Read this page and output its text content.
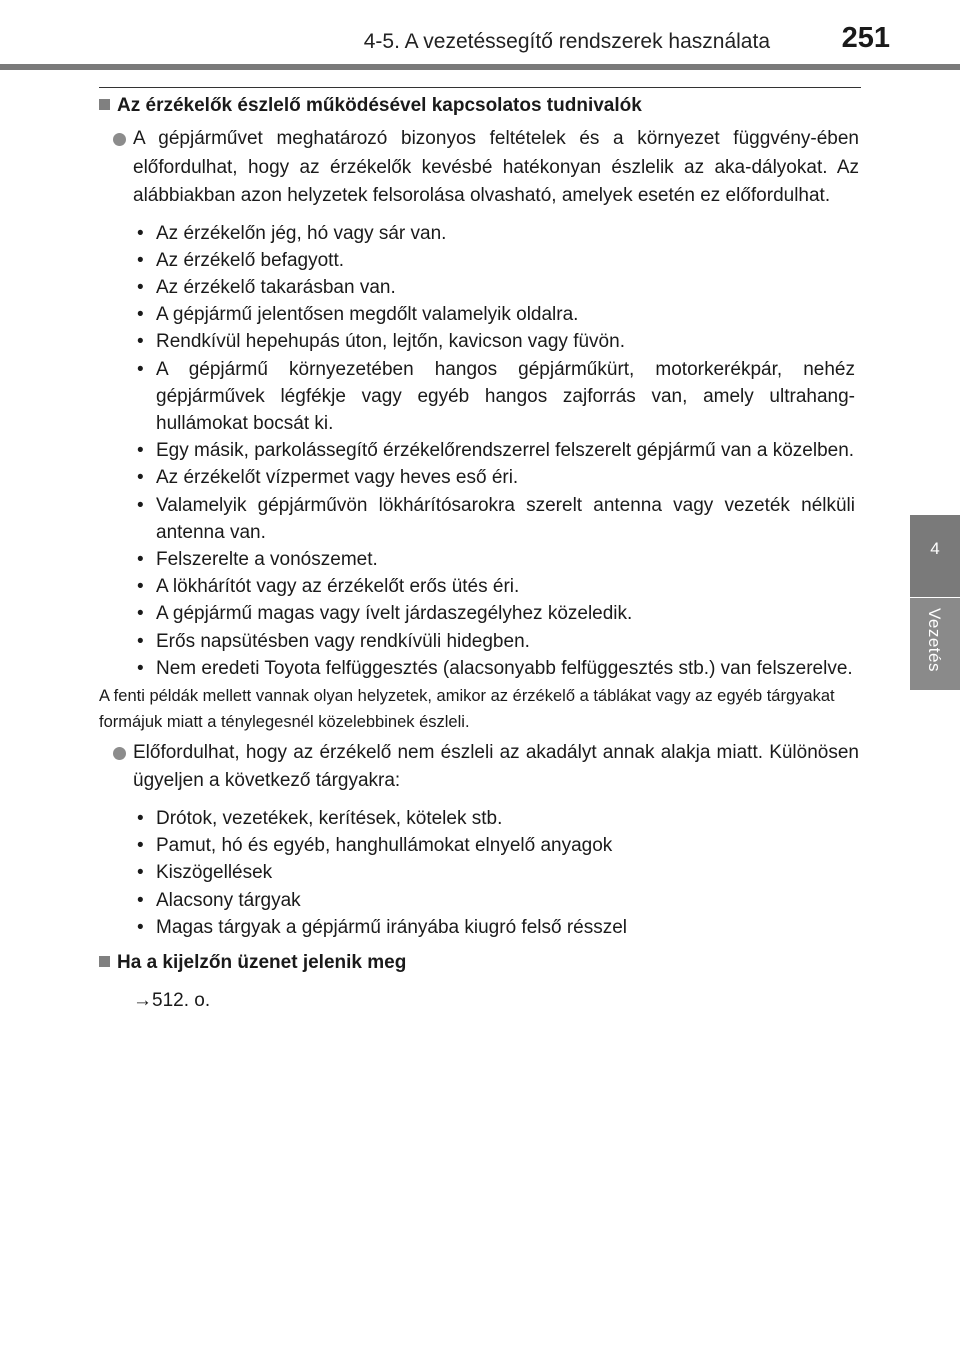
4-5. A vezetéssegítő rendszerek használata	251
4
Vezetés
Az érzékelők észlelő működésével kapcsolatos tudnivalók

A gépjárművet meghatározó bizonyos feltételek és a környezet függvény-ében előfordulhat, hogy az érzékelők kevésbé hatékonyan észlelik az aka-dályokat. Az alábbiakban azon helyzetek felsorolása olvasható, amelyek esetén ez előfordulhat.

• Az érzékelőn jég, hó vagy sár van.
• Az érzékelő befagyott.
• Az érzékelő takarásban van.
• A gépjármű jelentősen megdőlt valamelyik oldalra.
• Rendkívül hepehupás úton, lejtőn, kavicson vagy füvön.
• A gépjármű környezetében hangos gépjárműkürt, motorkerékpár, nehéz gépjárművek légfékje vagy egyéb hangos zajforrás van, amely ultrahang-hullámokat bocsát ki.
• Egy másik, parkolássegítő érzékelőrendszerrel felszerelt gépjármű van a közelben.
• Az érzékelőt vízpermet vagy heves eső éri.
• Valamelyik gépjárművön lökhárítósarokra szerelt antenna vagy vezeték nélküli antenna van.
• Felszerelte a vonószemet.
• A lökhárítót vagy az érzékelőt erős ütés éri.
• A gépjármű magas vagy ívelt járdaszegélyhez közeledik.
• Erős napsütésben vagy rendkívüli hidegben.
• Nem eredeti Toyota felfüggesztés (alacsonyabb felfüggesztés stb.) van felszerelve.

A fenti példák mellett vannak olyan helyzetek, amikor az érzékelő a táblákat vagy az egyéb tárgyakat formájuk miatt a ténylegesnél közelebbinek észleli.

Előfordulhat, hogy az érzékelő nem észleli az akadályt annak alakja miatt. Különösen ügyeljen a következő tárgyakra:

• Drótok, vezetékek, kerítések, kötelek stb.
• Pamut, hó és egyéb, hanghullámokat elnyelő anyagok
• Kiszögellések
• Alacsony tárgyak
• Magas tárgyak a gépjármű irányába kiugró felső résszel
Ha a kijelzőn üzenet jelenik meg

→512. o.
